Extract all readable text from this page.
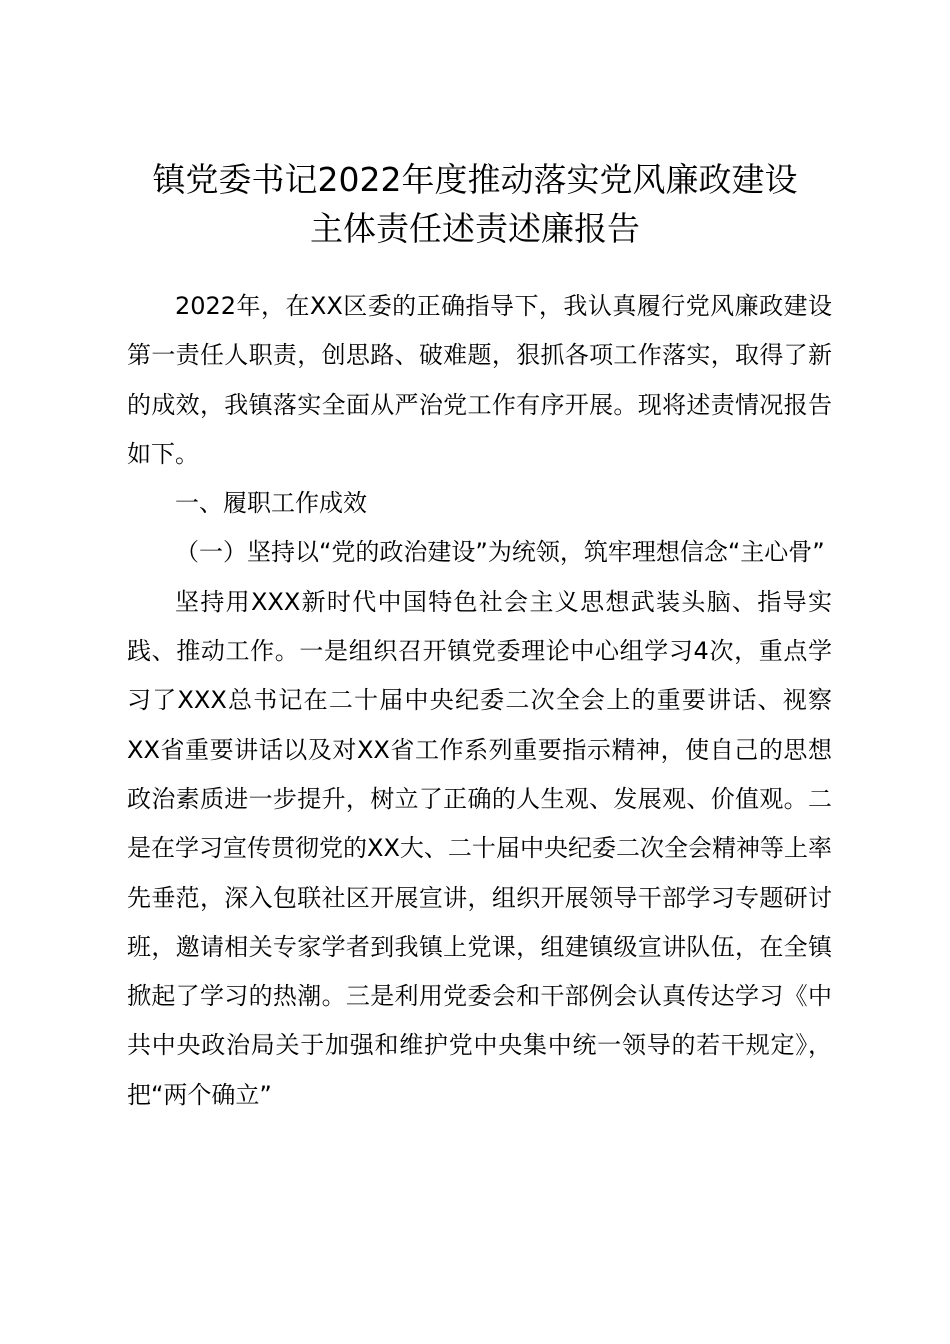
镇党委书记2022年度推动落实党风廉政建设
主体责任述责述廉报告

2022年，在XX区委的正确指导下，我认真履行党风廉政建设第一责任人职责，创思路、破难题，狠抓各项工作落实，取得了新的成效，我镇落实全面从严治党工作有序开展。现将述责情况报告如下。

一、履职工作成效

（一）坚持以“党的政治建设”为统领，筑牢理想信念“主心骨”

坚持用XXX新时代中国特色社会主义思想武装头脑、指导实践、推动工作。一是组织召开镇党委理论中心组学习4次，重点学习了XXX总书记在二十届中央纪委二次全会上的重要讲话、视察XX省重要讲话以及对XX省工作系列重要指示精神，使自己的思想政治素质进一步提升，树立了正确的人生观、发展观、价值观。二是在学习宣传贯彻党的XX大、二十届中央纪委二次全会精神等上率先垂范，深入包联社区开展宣讲，组织开展领导干部学习专题研讨班，邀请相关专家学者到我镇上党课，组建镇级宣讲队伍，在全镇掀起了学习的热潮。三是利用党委会和干部例会认真传达学习《中共中央政治局关于加强和维护党中央集中统一领导的若干规定》，把“两个确立”
